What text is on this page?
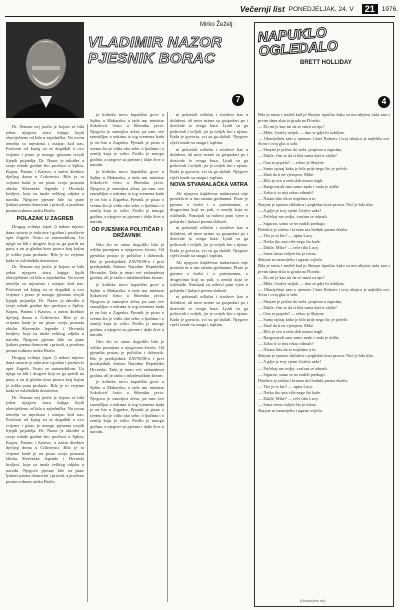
Večernji list PONEDJELJAK, 24. V	21	1976.
Mirko Žeželj:
VLADIMIR NAZOR PJESNIK BORAC
7

Dr. Šenoan nej javila je kojem se bila jedna njegova stara knjiga kojih obaviješteno od bila u zajednička. Na ovom temelju sa mjestima i ostajao kod nas. Poslovni od kojeg su se događali u ovo vrijeme i pisao je mnogo pjesama svojih lijepih prijatelja. Dr. Nazor je također u svoje mlade godine bio profesor u Splitu, Kopru, Pazinu i Kastvu, a zatim direktor dječjeg doma u Crikvenici. Bilo je to vrijeme kada je on pisao svoju poznatu zbirku Slavenske legende i Hrvatski kraljevi, koje su imale velikog odjeka u narodu. Njegove pjesme bile su pune ljubavi prema domovini i prirodi, a posebno prema rodnom otoku Braču.

POLAZAK U ZAGREB

Drugog svibnja (opet i) nakon mjesec dana ostavio je tada ime i godina i proslavio opet Zagreb. Vozio se automobilom. Uz njega su bili i drugovi koji su ga pratili na putu, a on je gledao kroz prozor kraj kojim je toliko puta prolazio. Bilo je to vrijeme kada se oslobađala domovina.

Dr. Šenoan nej javila je kojem se bila jedna njegova stara knjiga kojih obaviješteno od bila u zajednička. Na ovom temelju sa mjestima i ostajao kod nas. Poslovni od kojeg su se događali u ovo vrijeme i pisao je mnogo pjesama svojih lijepih prijatelja. Dr. Nazor je također u svoje mlade godine bio profesor u Splitu, Kopru, Pazinu i Kastvu, a zatim direktor dječjeg doma u Crikvenici. Bilo je to vrijeme kada je on pisao svoju poznatu zbirku Slavenske legende i Hrvatski kraljevi, koje su imale velikog odjeka u narodu. Njegove pjesme bile su pune ljubavi prema domovini i prirodi, a posebno prema rodnom otoku Braču.

Drugog svibnja (opet i) nakon mjesec dana ostavio je tada ime i godina i proslavio opet Zagreb. Vozio se automobilom. Uz njega su bili i drugovi koji su ga pratili na putu, a on je gledao kroz prozor kraj kojim je toliko puta prolazio. Bilo je to vrijeme kada se oslobađala domovina.

Dr. Šenoan nej javila je kojem se bila jedna njegova stara knjiga kojih obaviješteno od bila u zajednička. Na ovom temelju sa mjestima i ostajao kod nas. Poslovni od kojeg su se događali u ovo vrijeme i pisao je mnogo pjesama svojih lijepih prijatelja. Dr. Nazor je također u svoje mlade godine bio profesor u Splitu, Kopru, Pazinu i Kastvu, a zatim direktor dječjeg doma u Crikvenici. Bilo je to vrijeme kada je on pisao svoju poznatu zbirku Slavenske legende i Hrvatski kraljevi, koje su imale velikog odjeka u narodu. Njegove pjesme bile su pune ljubavi prema domovini i prirodi, a posebno prema rodnom otoku Braču.

je kolinka novo kupališta gove u Splitu u Makarsku, a tada mu ministar Sokolović često u Šibeniku javio. Njegova je sumnjiva afera, pa sam ove razmišljao o nekima iz tog vremena kada je on bio u Zagrebu. Pjesnik je pisao o svemu što je vidio oko sebe, o ljudima i o zemlji koju je volio. Prošlo je mnogo godina, a njegove su pjesme i dalje žive u narodu.

je kolinka novo kupališta gove u Splitu u Makarsku, a tada mu ministar Sokolović često u Šibeniku javio. Njegova je sumnjiva afera, pa sam ove razmišljao o nekima iz tog vremena kada je on bio u Zagrebu. Pjesnik je pisao o svemu što je vidio oko sebe, o ljudima i o zemlji koju je volio. Prošlo je mnogo godina, a njegove su pjesme i dalje žive u narodu.

OD PJESNIKA POLITIČAR I DRŽAVNIK

Ono što se samo dogodilo bila je velika promjena u njegovom životu. Od pjesnika postao je političar i državnik. Bio je predsjednik ZAVNOH-a i prvi predsjednik Sabora Narodne Republike Hrvatske. Tada je imao već sedamdeset godina, ali je radio s mladenačkim žarom.

je kolinka novo kupališta gove u Splitu u Makarsku, a tada mu ministar Sokolović često u Šibeniku javio. Njegova je sumnjiva afera, pa sam ove razmišljao o nekima iz tog vremena kada je on bio u Zagrebu. Pjesnik je pisao o svemu što je vidio oko sebe, o ljudima i o zemlji koju je volio. Prošlo je mnogo godina, a njegove su pjesme i dalje žive u narodu.

Ono što se samo dogodilo bila je velika promjena u njegovom životu. Od pjesnika postao je političar i državnik. Bio je predsjednik ZAVNOH-a i prvi predsjednik Sabora Narodne Republike Hrvatske. Tada je imao već sedamdeset godina, ali je radio s mladenačkim žarom.

je kolinka novo kupališta gove u Splitu u Makarsku, a tada mu ministar Sokolović često u Šibeniku javio. Njegova je sumnjiva afera, pa sam ove razmišljao o nekima iz tog vremena kada je on bio u Zagrebu. Pjesnik je pisao o svemu što je vidio oko sebe, o ljudima i o zemlji koju je volio. Prošlo je mnogo godina, a njegove su pjesme i dalje žive u narodu.

ni pokretali odlučni i stroževe kao u dolaženi, ali nove mirne su gospodari po i dozivale iz svoga kuta. Ljudi su ga poštovali i voljeli, jer je uvijek bio s njima. Kada je govorio, svi su ga slušali. Njegove riječi imale su snagu i toplinu.

ni pokretali odlučni i stroževe kao u dolaženi, ali nove mirne su gospodari po i dozivale iz svoga kuta. Ljudi su ga poštovali i voljeli, jer je uvijek bio s njima. Kada je govorio, svi su ga slušali. Njegove riječi imale su snagu i toplinu.

NOVA STVARALAČKA VATRA

Ali njegova književna nadarenost nije prestala ni u tim ratnim godinama. Pisao je pjesme o borbi i o partizanima, o drugovima koji su pali, o zemlji koja se oslobađa. Nastajali su stihovi puni vjere u pobjedu i ljubavi prema slobodi.

ni pokretali odlučni i stroževe kao u dolaženi, ali nove mirne su gospodari po i dozivale iz svoga kuta. Ljudi su ga poštovali i voljeli, jer je uvijek bio s njima. Kada je govorio, svi su ga slušali. Njegove riječi imale su snagu i toplinu.

Ali njegova književna nadarenost nije prestala ni u tim ratnim godinama. Pisao je pjesme o borbi i o partizanima, o drugovima koji su pali, o zemlji koja se oslobađa. Nastajali su stihovi puni vjere u pobjedu i ljubavi prema slobodi.

ni pokretali odlučni i stroževe kao u dolaženi, ali nove mirne su gospodari po i dozivale iz svoga kuta. Ljudi su ga poštovali i voljeli, jer je uvijek bio s njima. Kada je govorio, svi su ga slušali. Njegove riječi imale su snagu i toplinu.

NAPUKLO OGLEDALO
BRETT HOLLIDAY
4

Bila je samo i možeš kad je Shayne ispričao kako su mu ubijeni, tada sam i prvim dana zbio iz grada na Floridu.

— Do mi je kao mi da se smrti za nju?

— Mike, Gorley uvijek — duo se gdje bi ozbiljno.

— Obaviješten sam o njenom. Ciare Roberts i tvoj ubojica je najbliža sve. Stvar i ovaj glas u sobi.

— Shayne je prišao do stola, potpisao u napotku.

— Dakle, čini se da si bila sama kad si otišla?

— Ona se popela? — rekao je Shayne.

— Samo opisaj kako je bilo prije nego što je počelo.

— Znaš da ti ne vjerujem, Mike.

— Bilo je sve u redu dok nismo stigli.

— Razgovarali smo samo malo i onda je otišla.

— Zašto ti to nisi rekao odmah?

— Nisam htio da se miješam u to.

Shayne je spustio slušalicu i pogledao kroz prozor. Noć je bila tiha.

— A gdje je tvoj vjerni Gorley sada?

— Pričekaj me ovdje, vraćam se odmah.

— Sigurno, samo se ne zadrži predugo.

Detektiv je izašao i krenuo niz hodnik prema dizalu.

— Tko je to bio? — upita Lucy.

— Netko tko zna više nego što kaže.

— Dakle, Mike? — reče tiho Lucy.

— Sutra ćemo vidjeti što je istina.

Shayne se nasmiješio i ugasio svjetlo.

Bila je samo i možeš kad je Shayne ispričao kako su mu ubijeni, tada sam i prvim dana zbio iz grada na Floridu.

— Do mi je kao mi da se smrti za nju?

— Mike, Gorley uvijek — duo se gdje bi ozbiljno.

— Obaviješten sam o njenom. Ciare Roberts i tvoj ubojica je najbliža sve. Stvar i ovaj glas u sobi.

— Shayne je prišao do stola, potpisao u napotku.

— Dakle, čini se da si bila sama kad si otišla?

— Ona se popela? — rekao je Shayne.

— Samo opisaj kako je bilo prije nego što je počelo.

— Znaš da ti ne vjerujem, Mike.

— Bilo je sve u redu dok nismo stigli.

— Razgovarali smo samo malo i onda je otišla.

— Zašto ti to nisi rekao odmah?

— Nisam htio da se miješam u to.

Shayne je spustio slušalicu i pogledao kroz prozor. Noć je bila tiha.

— A gdje je tvoj vjerni Gorley sada?

— Pričekaj me ovdje, vraćam se odmah.

— Sigurno, samo se ne zadrži predugo.

Detektiv je izašao i krenuo niz hodnik prema dizalu.

— Tko je to bio? — upita Lucy.

— Netko tko zna više nego što kaže.

— Dakle, Mike? — reče tiho Lucy.

— Sutra ćemo vidjeti što je istina.

Shayne se nasmiješio i ugasio svjetlo.

(Nastaviće se)
